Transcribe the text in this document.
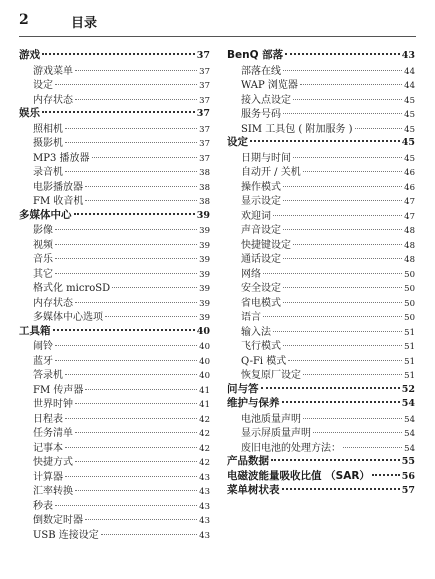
2	目录
游戏	37
游戏菜单	37
设定	37
内存状态	37
娱乐	37
照相机	37
摄影机	37
MP3 播放器	37
录音机	38
电影播放器	38
FM 收音机	38
多媒体中心	39
影像	39
视频	39
音乐	39
其它	39
格式化 microSD	39
内存状态	39
多媒体中心选项	39
工具箱	40
闹铃	40
蓝牙	40
答录机	40
FM 传声器	41
世界时钟	41
日程表	42
任务清单	42
记事本	42
快捷方式	42
计算器	43
汇率转换	43
秒表	43
倒数定时器	43
USB 连接设定	43
BenQ 部落	43
部落在线	44
WAP 浏览器	44
接入点设定	45
服务号码	45
SIM 工具包 ( 附加服务 )	45
设定	45
日期与时间	45
自动开 / 关机	46
操作模式	46
显示设定	47
欢迎词	47
声音设定	48
快捷键设定	48
通话设定	48
网络	50
安全设定	50
省电模式	50
语言	50
输入法	51
飞行模式	51
Q-Fi 模式	51
恢复原厂设定	51
问与答	52
维护与保养	54
电池质量声明	54
显示屏质量声明	54
废旧电池的处理方法：	54
产品数据	55
电磁波能量吸收比值 （SAR）	56
菜单树状表	57
